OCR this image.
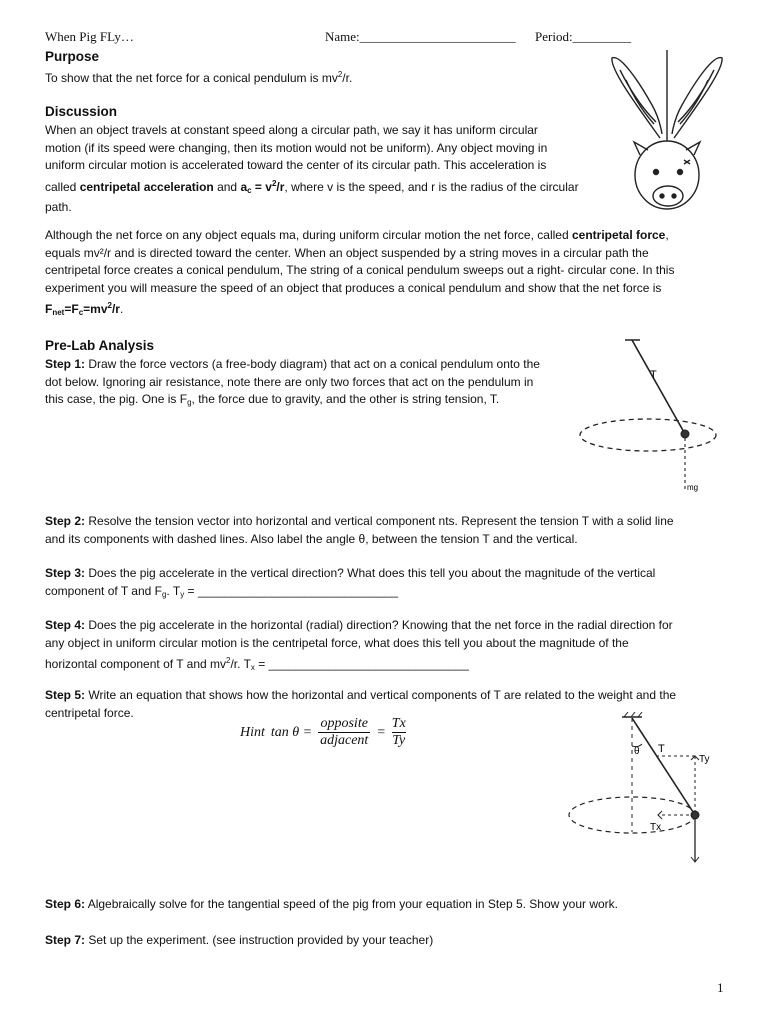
When Pig FLy…	Name:________________________ Period:_________
Purpose
To show that the net force for a conical pendulum is $mv^2/r$.
Discussion
When an object travels at constant speed along a circular path, we say it has uniform circular
motion (if its speed were changing, then its motion would not be uniform). Any object moving in
uniform circular motion is accelerated toward the center of its circular path. This acceleration is
called centripetal acceleration and $a_c = v^2/r$, where v is the speed, and r is the radius of the circular
path.
Although the net force on any object equals ma, during uniform circular motion the net force, called centripetal force,
equals mv²/r and is directed toward the center. When an object suspended by a string moves in a circular path the
centripetal force creates a conical pendulum, The string of a conical pendulum sweeps out a right- circular cone. In this
experiment you will measure the speed of an object that produces a conical pendulum and show that the net force is
$F_{net}=F_c=mv^2/r$.
Pre-Lab Analysis
Step 1: Draw the force vectors (a free-body diagram) that act on a conical pendulum onto the
dot below. Ignoring air resistance, note there are only two forces that act on the pendulum in
this case, the pig. One is $F_g$, the force due to gravity, and the other is string tension, T.
T
mg
Step 2: Resolve the tension vector into horizontal and vertical component nts. Represent the tension T with a solid line
and its components with dashed lines. Also label the angle θ, between the tension T and the vertical.
Step 3: Does the pig accelerate in the vertical direction? What does this tell you about the magnitude of the vertical
component of T and $F_g$. $T_y$ = ______________________________
Step 4: Does the pig accelerate in the horizontal (radial) direction? Knowing that the net force in the radial direction for
any object in uniform circular motion is the centripetal force, what does this tell you about the magnitude of the
horizontal component of T and $mv^2/r$. $T_x$ = ______________________________
Step 5: Write an equation that shows how the horizontal and vertical components of T are related to the weight and the
centripetal force.
Hint tan θ =
opposite
adjacent
=
Tx
Ty
θ T
Ty
Tx
Step 6: Algebraically solve for the tangential speed of the pig from your equation in Step 5. Show your work.
Step 7: Set up the experiment. (see instruction provided by your teacher)
1
